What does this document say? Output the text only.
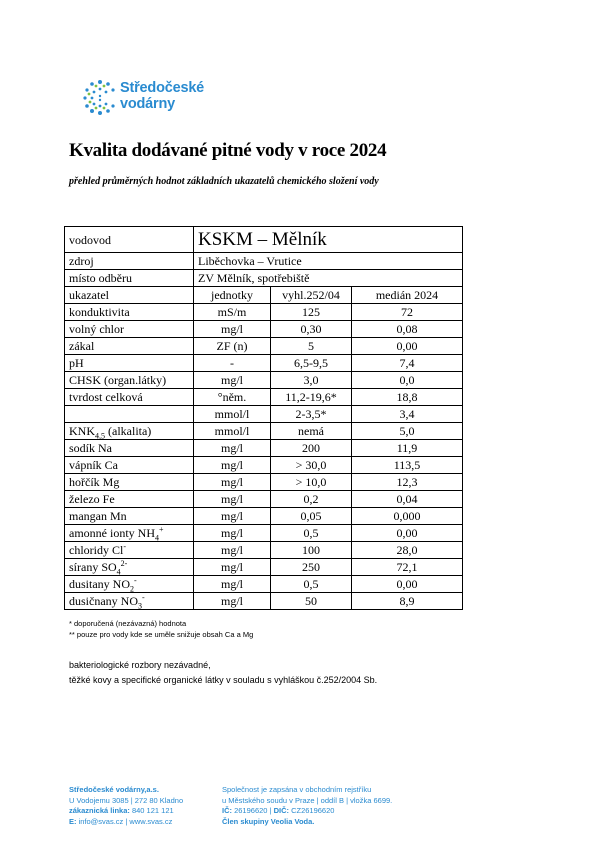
Středočeské
vodárny
Kvalita dodávané pitné vody v roce 2024
přehled průměrných hodnot základních ukazatelů chemického složení vody
vodovod	KSKM – Mělník		
zdroj	Liběchovka – Vrutice		
místo odběru	ZV Mělník, spotřebiště		
ukazatel	jednotky	vyhl.252/04	medián 2024
konduktivita	mS/m	125	72
volný chlor	mg/l	0,30	0,08
zákal	ZF (n)	5	0,00
pH	-	6,5-9,5	7,4
CHSK (organ.látky)	mg/l	3,0	0,0
tvrdost celková	°něm.	11,2-19,6*	18,8
	mmol/l	2-3,5*	3,4
$KNK_{4,5}$ (alkalita)	mmol/l	nemá	5,0
sodík Na	mg/l	200	11,9
vápník Ca	mg/l	> 30,0	113,5
hořčík Mg	mg/l	> 10,0	12,3
železo Fe	mg/l	0,2	0,04
mangan Mn	mg/l	0,05	0,000
amonné ionty $NH_4^+$	mg/l	0,5	0,00
chloridy Cl-	mg/l	100	28,0
sírany $SO_4^{2-}$	mg/l	250	72,1
dusitany $NO_2^-$	mg/l	0,5	0,00
dusičnany $NO_3^-$	mg/l	50	8,9
* doporučená (nezávazná) hodnota
** pouze pro vody kde se uměle snižuje obsah Ca a Mg
bakteriologické rozbory nezávadné,
těžké kovy a specifické organické látky v souladu s vyhláškou č.252/2004 Sb.
Středočeské vodárny,a.s.
U Vodojemu 3085 | 272 80 Kladno
zákaznická linka: 840 121 121
E: info@svas.cz | www.svas.cz
Společnost je zapsána v obchodním rejstříku
u Městského soudu v Praze | oddíl B | vložka 6699.
IČ: 26196620 | DIČ: CZ26196620
Člen skupiny Veolia Voda.
